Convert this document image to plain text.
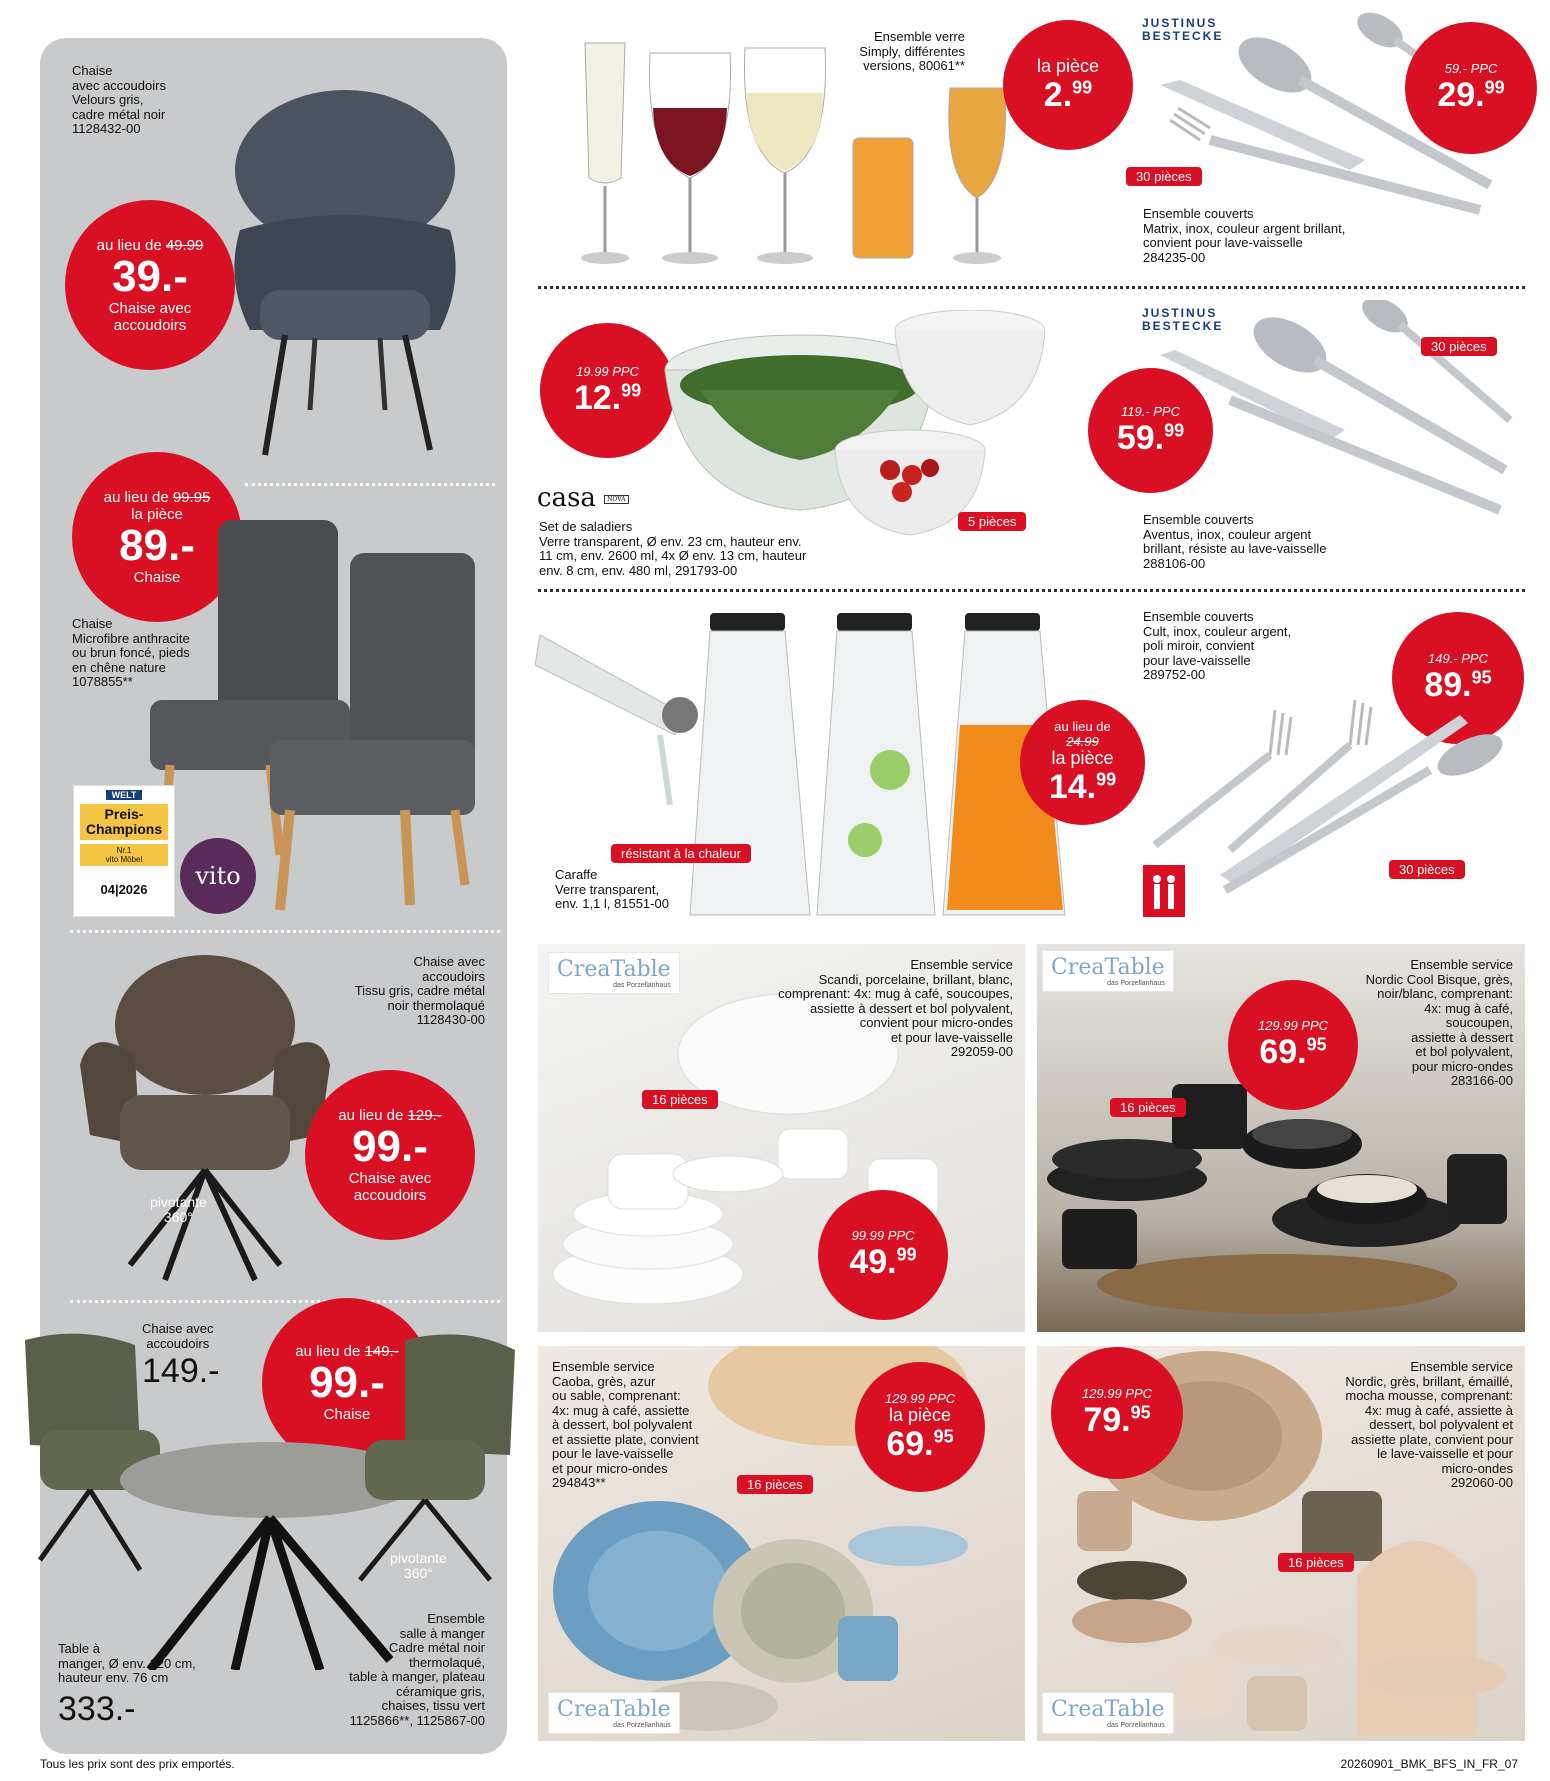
Chaise
avec accoudoirs
Velours gris,
cadre métal noir
1128432-00
au lieu de 49.99
39.-
Chaise avec
accoudoirs
au lieu de 99.95
la pièce
89.-
Chaise
Chaise
Microfibre anthracite
ou brun foncé, pieds
en chêne nature
1078855**
WELT
Preis-
Champions
Nr.1
vito Möbel
04|2026	vito
Chaise avec
accoudoirs
Tissu gris, cadre métal
noir thermolaqué
1128430-00
pivotante
360°
au lieu de 129.-
99.-
Chaise avec
accoudoirs
Chaise avec
accoudoirs
149.-
au lieu de 149.-
99.-
Chaise
pivotante
360°
Ensemble
salle à manger
Cadre métal noir
thermolaqué,
table à manger, plateau
céramique gris,
chaises, tissu vert
1125866**, 1125867-00
Table à
manger, Ø env. 120 cm,
hauteur env. 76 cm
333.-
Ensemble verre
Simply, différentes
versions, 80061**	la pièce
2.99
JUSTINUS
BESTECKE
59.- PPC
29.99
30 pièces
Ensemble couverts
Matrix, inox, couleur argent brillant,
convient pour lave-vaisselle
284235-00
19.99 PPC
12.99
casa NOVA
Set de saladiers
Verre transparent, Ø env. 23 cm, hauteur env.
11 cm, env. 2600 ml, 4x Ø env. 13 cm, hauteur
env. 8 cm, env. 480 ml, 291793-00
5 pièces
JUSTINUS
BESTECKE
30 pièces
119.- PPC
59.99
Ensemble couverts
Aventus, inox, couleur argent
brillant, résiste au lave-vaisselle
288106-00
au lieu de
24.99
la pièce
14.99
résistant à la chaleur
Caraffe
Verre transparent,
env. 1,1 l, 81551-00
Ensemble couverts
Cult, inox, couleur argent,
poli miroir, convient
pour lave-vaisselle
289752-00
149.- PPC
89.95
30 pièces
CreaTable
das Porzellanhaus
Ensemble service
Scandi, porcelaine, brillant, blanc,
comprenant: 4x: mug à café, soucoupes,
assiette à dessert et bol polyvalent,
convient pour micro-ondes
et pour lave-vaisselle
292059-00
16 pièces
99.99 PPC
49.99
CreaTable
das Porzellanhaus
Ensemble service
Nordic Cool Bisque, grès,
noir/blanc, comprenant:
4x: mug à café,
soucoupen,
assiette à dessert
et bol polyvalent,
pour micro-ondes
283166-00
129.99 PPC
69.95
16 pièces
Ensemble service
Caoba, grès, azur
ou sable, comprenant:
4x: mug à café, assiette
à dessert, bol polyvalent
et assiette plate, convient
pour le lave-vaisselle
et pour micro-ondes
294843**
129.99 PPC
la pièce
69.95
16 pièces
CreaTable
das Porzellanhaus
129.99 PPC
79.95
Ensemble service
Nordic, grès, brillant, émaillé,
mocha mousse, comprenant:
4x: mug à café, assiette à
dessert, bol polyvalent et
assiette plate, convient pour
le lave-vaisselle et pour
micro-ondes
292060-00
16 pièces
CreaTable
das Porzellanhaus
Tous les prix sont des prix emportés.	20260901_BMK_BFS_IN_FR_07
